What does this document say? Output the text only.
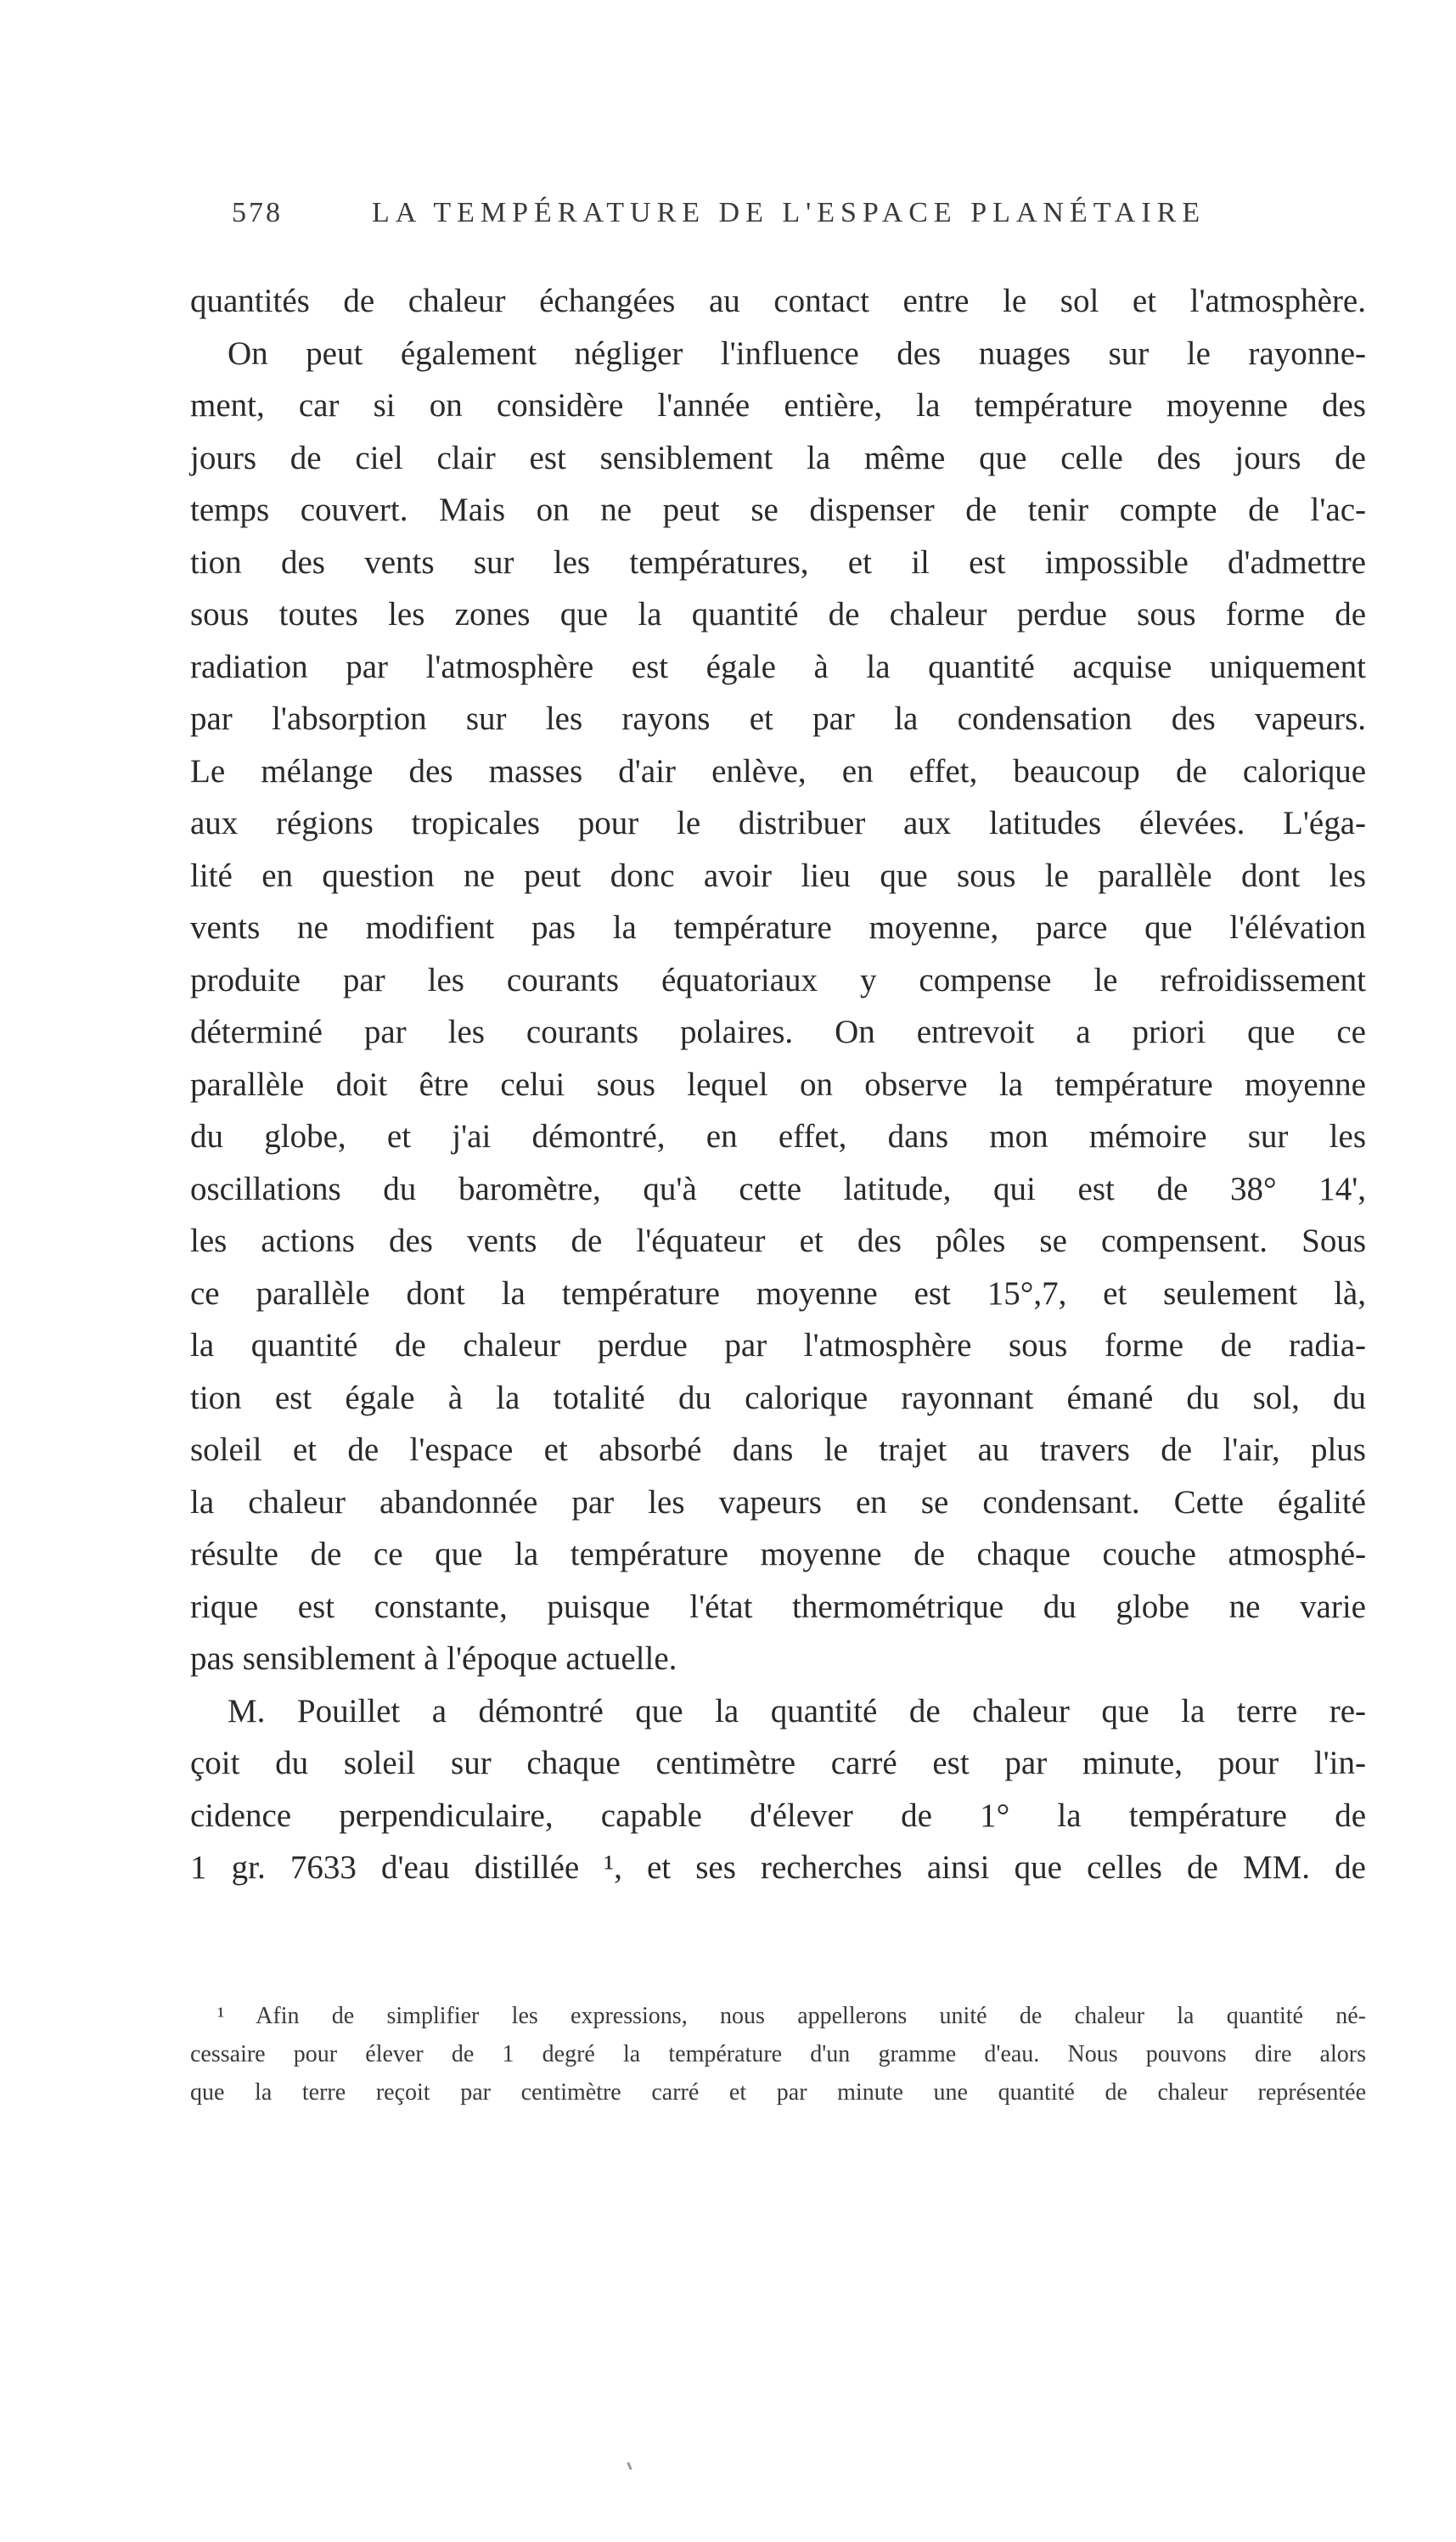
578	LA TEMPÉRATURE DE L'ESPACE PLANÉTAIRE
quantités de chaleur échangées au contact entre le sol et l'atmosphère.
On peut également négliger l'influence des nuages sur le rayonne-
ment, car si on considère l'année entière, la température moyenne des
jours de ciel clair est sensiblement la même que celle des jours de
temps couvert. Mais on ne peut se dispenser de tenir compte de l'ac-
tion des vents sur les températures, et il est impossible d'admettre
sous toutes les zones que la quantité de chaleur perdue sous forme de
radiation par l'atmosphère est égale à la quantité acquise uniquement
par l'absorption sur les rayons et par la condensation des vapeurs.
Le mélange des masses d'air enlève, en effet, beaucoup de calorique
aux régions tropicales pour le distribuer aux latitudes élevées. L'éga-
lité en question ne peut donc avoir lieu que sous le parallèle dont les
vents ne modifient pas la température moyenne, parce que l'élévation
produite par les courants équatoriaux y compense le refroidissement
déterminé par les courants polaires. On entrevoit a priori que ce
parallèle doit être celui sous lequel on observe la température moyenne
du globe, et j'ai démontré, en effet, dans mon mémoire sur les
oscillations du baromètre, qu'à cette latitude, qui est de 38° 14',
les actions des vents de l'équateur et des pôles se compensent. Sous
ce parallèle dont la température moyenne est 15°,7, et seulement là,
la quantité de chaleur perdue par l'atmosphère sous forme de radia-
tion est égale à la totalité du calorique rayonnant émané du sol, du
soleil et de l'espace et absorbé dans le trajet au travers de l'air, plus
la chaleur abandonnée par les vapeurs en se condensant. Cette égalité
résulte de ce que la température moyenne de chaque couche atmosphé-
rique est constante, puisque l'état thermométrique du globe ne varie
pas sensiblement à l'époque actuelle.
M. Pouillet a démontré que la quantité de chaleur que la terre re-
çoit du soleil sur chaque centimètre carré est par minute, pour l'in-
cidence perpendiculaire, capable d'élever de 1° la température de
1 gr. 7633 d'eau distillée ¹, et ses recherches ainsi que celles de MM. de
¹ Afin de simplifier les expressions, nous appellerons unité de chaleur la quantité né-
cessaire pour élever de 1 degré la température d'un gramme d'eau. Nous pouvons dire alors
que la terre reçoit par centimètre carré et par minute une quantité de chaleur représentée
